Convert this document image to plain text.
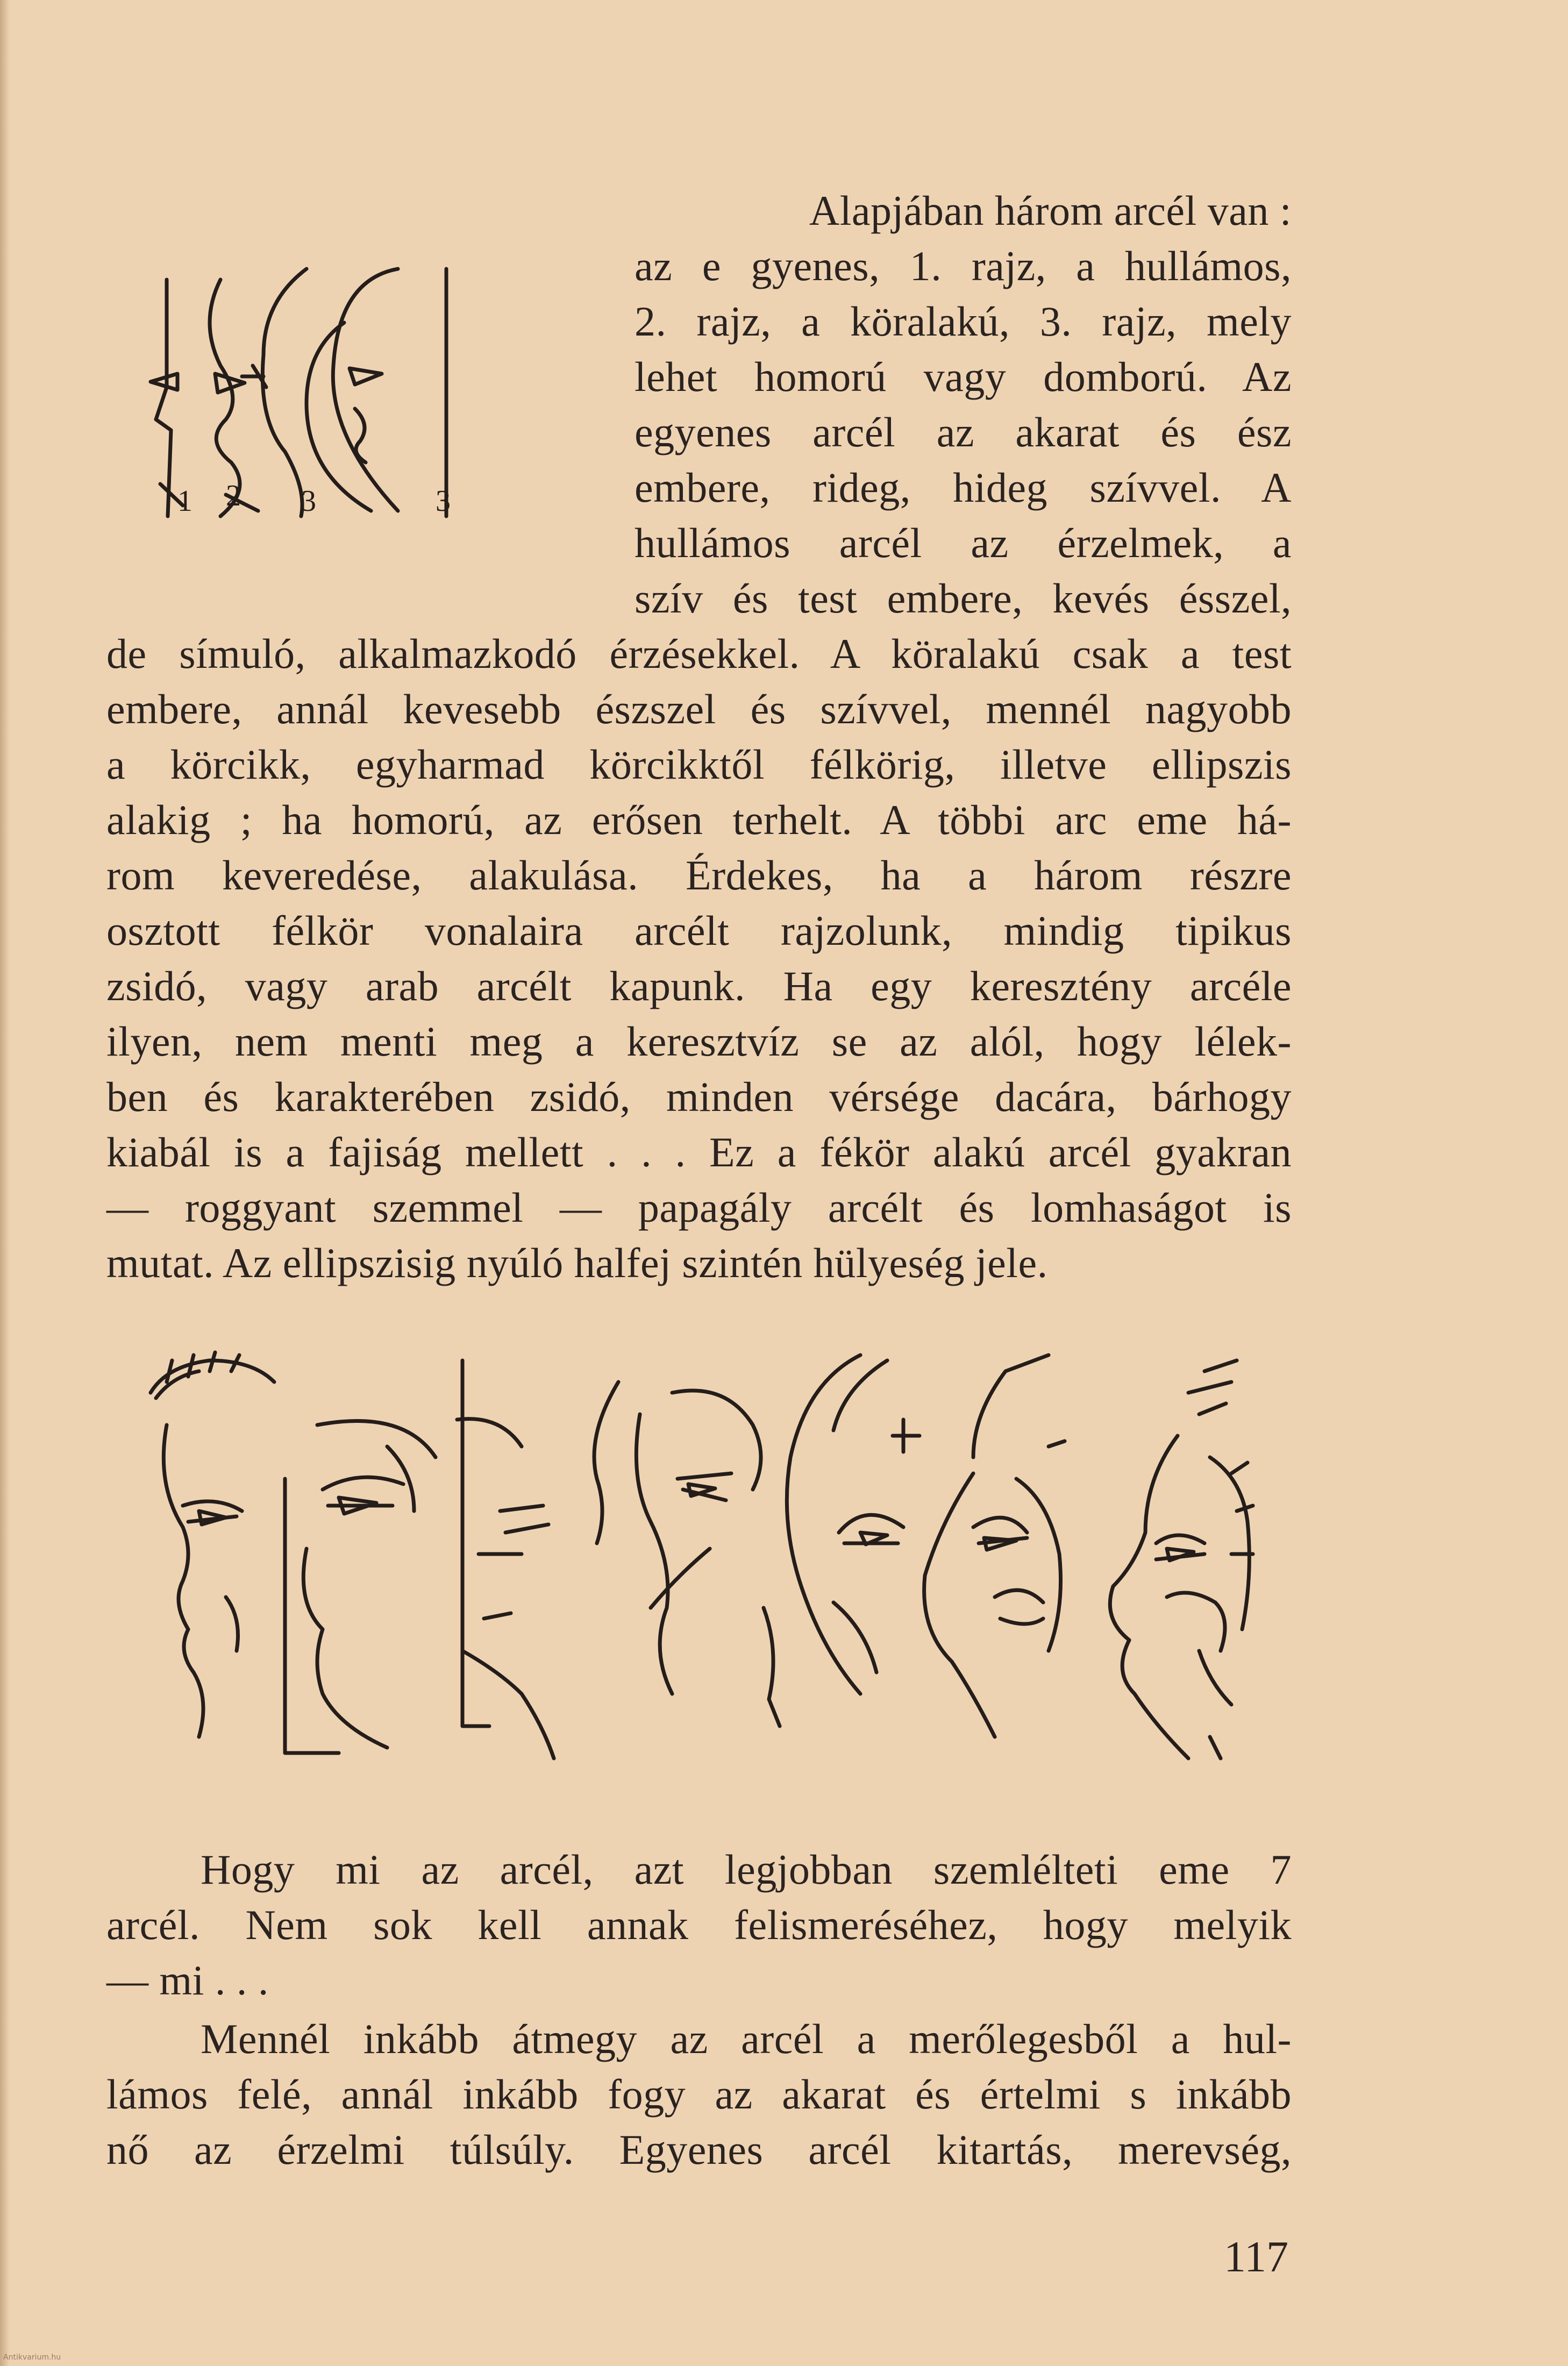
Alapjában három arcél van :
az e gyenes, 1. rajz, a hullámos,
2. rajz, a köralakú, 3. rajz, mely
lehet homorú vagy domború. Az
egyenes arcél az akarat és ész
embere, rideg, hideg szívvel. A
hullámos arcél az érzelmek, a
szív és test embere, kevés ésszel,
de símuló, alkalmazkodó érzésekkel. A köralakú csak a test
embere, annál kevesebb észszel és szívvel, mennél nagyobb
a körcikk, egyharmad körcikktől félkörig, illetve ellipszis
alakig ; ha homorú, az erősen terhelt. A többi arc eme há-
rom keveredése, alakulása. Érdekes, ha a három részre
osztott félkör vonalaira arcélt rajzolunk, mindig tipikus
zsidó, vagy arab arcélt kapunk. Ha egy keresztény arcéle
ilyen, nem menti meg a keresztvíz se az alól, hogy lélek-
ben és karakterében zsidó, minden vérsége dacára, bárhogy
kiabál is a fajiság mellett . . . Ez a fékör alakú arcél gyakran
— roggyant szemmel — papagály arcélt és lomhaságot is
mutat. Az ellipszisig nyúló halfej szintén hülyeség jele.
1 2 3	3
Hogy mi az arcél, azt legjobban szemlélteti eme 7
arcél. Nem sok kell annak felismeréséhez, hogy melyik
— mi . . .
Mennél inkább átmegy az arcél a merőlegesből a hul-
lámos felé, annál inkább fogy az akarat és értelmi s inkább
nő az érzelmi túlsúly. Egyenes arcél kitartás, merevség,
117
Antikvarium.hu
